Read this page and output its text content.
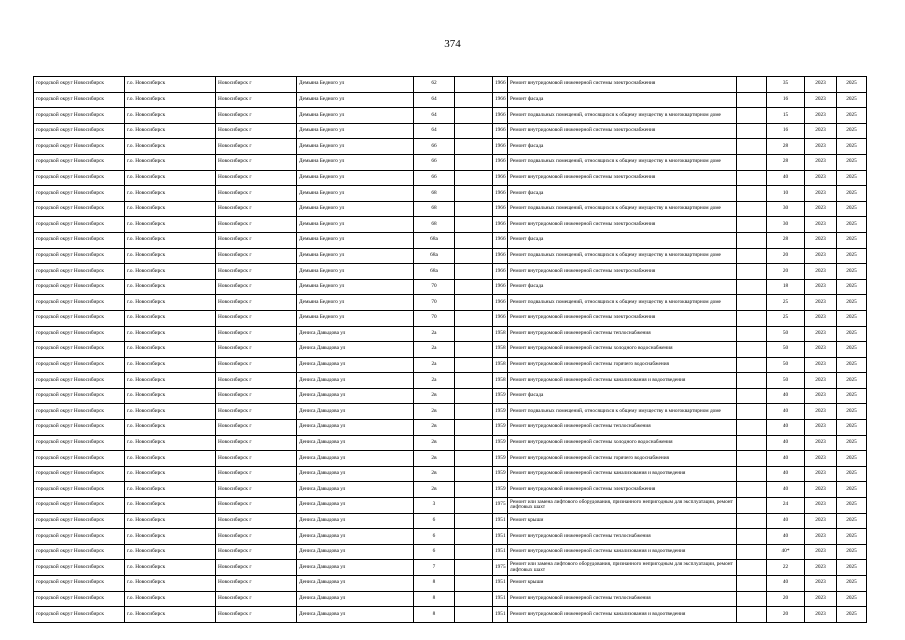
374
городской округ Новосибирск	г.о. Новосибирск	Новосибирск г	Демьяна Бедного ул	62		1966	Ремонт внутридомовой инженерной системы электроснабжения		35	2023	2025
городской округ Новосибирск	г.о. Новосибирск	Новосибирск г	Демьяна Бедного ул	64		1966	Ремонт фасада		16	2023	2025
городской округ Новосибирск	г.о. Новосибирск	Новосибирск г	Демьяна Бедного ул	64		1966	Ремонт подвальных помещений, относящихся к общему имуществу в многоквартирном доме		15	2023	2025
городской округ Новосибирск	г.о. Новосибирск	Новосибирск г	Демьяна Бедного ул	64		1966	Ремонт внутридомовой инженерной системы электроснабжения		16	2023	2025
городской округ Новосибирск	г.о. Новосибирск	Новосибирск г	Демьяна Бедного ул	66		1966	Ремонт фасада		28	2023	2025
городской округ Новосибирск	г.о. Новосибирск	Новосибирск г	Демьяна Бедного ул	66		1966	Ремонт подвальных помещений, относящихся к общему имуществу в многоквартирном доме		28	2023	2025
городской округ Новосибирск	г.о. Новосибирск	Новосибирск г	Демьяна Бедного ул	66		1966	Ремонт внутридомовой инженерной системы электроснабжения		40	2023	2025
городской округ Новосибирск	г.о. Новосибирск	Новосибирск г	Демьяна Бедного ул	68		1966	Ремонт фасада		10	2023	2025
городской округ Новосибирск	г.о. Новосибирск	Новосибирск г	Демьяна Бедного ул	68		1966	Ремонт подвальных помещений, относящихся к общему имуществу в многоквартирном доме		30	2023	2025
городской округ Новосибирск	г.о. Новосибирск	Новосибирск г	Демьяна Бедного ул	68		1966	Ремонт внутридомовой инженерной системы электроснабжения		30	2023	2025
городской округ Новосибирск	г.о. Новосибирск	Новосибирск г	Демьяна Бедного ул	68а		1966	Ремонт фасада		28	2023	2025
городской округ Новосибирск	г.о. Новосибирск	Новосибирск г	Демьяна Бедного ул	68а		1966	Ремонт подвальных помещений, относящихся к общему имуществу в многоквартирном доме		20	2023	2025
городской округ Новосибирск	г.о. Новосибирск	Новосибирск г	Демьяна Бедного ул	68а		1966	Ремонт внутридомовой инженерной системы электроснабжения		20	2023	2025
городской округ Новосибирск	г.о. Новосибирск	Новосибирск г	Демьяна Бедного ул	70		1966	Ремонт фасада		18	2023	2025
городской округ Новосибирск	г.о. Новосибирск	Новосибирск г	Демьяна Бедного ул	70		1966	Ремонт подвальных помещений, относящихся к общему имуществу в многоквартирном доме		25	2023	2025
городской округ Новосибирск	г.о. Новосибирск	Новосибирск г	Демьяна Бедного ул	70		1966	Ремонт внутридомовой инженерной системы электроснабжения		25	2023	2025
городской округ Новосибирск	г.о. Новосибирск	Новосибирск г	Дениса Давыдова ул	2а		1958	Ремонт внутридомовой инженерной системы теплоснабжения		50	2023	2025
городской округ Новосибирск	г.о. Новосибирск	Новосибирск г	Дениса Давыдова ул	2а		1958	Ремонт внутридомовой инженерной системы холодного водоснабжения		50	2023	2025
городской округ Новосибирск	г.о. Новосибирск	Новосибирск г	Дениса Давыдова ул	2а		1958	Ремонт внутридомовой инженерной системы горячего водоснабжения		50	2023	2025
городской округ Новосибирск	г.о. Новосибирск	Новосибирск г	Дениса Давыдова ул	2а		1958	Ремонт внутридомовой инженерной системы канализования и водоотведения		50	2023	2025
городской округ Новосибирск	г.о. Новосибирск	Новосибирск г	Дениса Давыдова ул	2в		1959	Ремонт фасада		40	2023	2025
городской округ Новосибирск	г.о. Новосибирск	Новосибирск г	Дениса Давыдова ул	2в		1959	Ремонт подвальных помещений, относящихся к общему имуществу в многоквартирном доме		40	2023	2025
городской округ Новосибирск	г.о. Новосибирск	Новосибирск г	Дениса Давыдова ул	2в		1959	Ремонт внутридомовой инженерной системы теплоснабжения		40	2023	2025
городской округ Новосибирск	г.о. Новосибирск	Новосибирск г	Дениса Давыдова ул	2в		1959	Ремонт внутридомовой инженерной системы холодного водоснабжения		40	2023	2025
городской округ Новосибирск	г.о. Новосибирск	Новосибирск г	Дениса Давыдова ул	2в		1959	Ремонт внутридомовой инженерной системы горячего водоснабжения		40	2023	2025
городской округ Новосибирск	г.о. Новосибирск	Новосибирск г	Дениса Давыдова ул	2в		1959	Ремонт внутридомовой инженерной системы канализования и водоотведения		40	2023	2025
городской округ Новосибирск	г.о. Новосибирск	Новосибирск г	Дениса Давыдова ул	2в		1959	Ремонт внутридомовой инженерной системы электроснабжения		40	2023	2025
городской округ Новосибирск	г.о. Новосибирск	Новосибирск г	Дениса Давыдова ул	3		1975	Ремонт или замена лифтового оборудования, признанного непригодным для эксплуатации, ремонт лифтовых шахт		24	2023	2025
городской округ Новосибирск	г.о. Новосибирск	Новосибирск г	Дениса Давыдова ул	6		1951	Ремонт крыши		40	2023	2025
городской округ Новосибирск	г.о. Новосибирск	Новосибирск г	Дениса Давыдова ул	6		1951	Ремонт внутридомовой инженерной системы теплоснабжения		40	2023	2025
городской округ Новосибирск	г.о. Новосибирск	Новосибирск г	Дениса Давыдова ул	6		1951	Ремонт внутридомовой инженерной системы канализования и водоотведения		40*	2023	2025
городской округ Новосибирск	г.о. Новосибирск	Новосибирск г	Дениса Давыдова ул	7		1975	Ремонт или замена лифтового оборудования, признанного непригодным для эксплуатации, ремонт лифтовых шахт		22	2023	2025
городской округ Новосибирск	г.о. Новосибирск	Новосибирск г	Дениса Давыдова ул	8		1951	Ремонт крыши		40	2023	2025
городской округ Новосибирск	г.о. Новосибирск	Новосибирск г	Дениса Давыдова ул	8		1951	Ремонт внутридомовой инженерной системы теплоснабжения		20	2023	2025
городской округ Новосибирск	г.о. Новосибирск	Новосибирск г	Дениса Давыдова ул	8		1951	Ремонт внутридомовой инженерной системы канализования и водоотведения		20	2023	2025
